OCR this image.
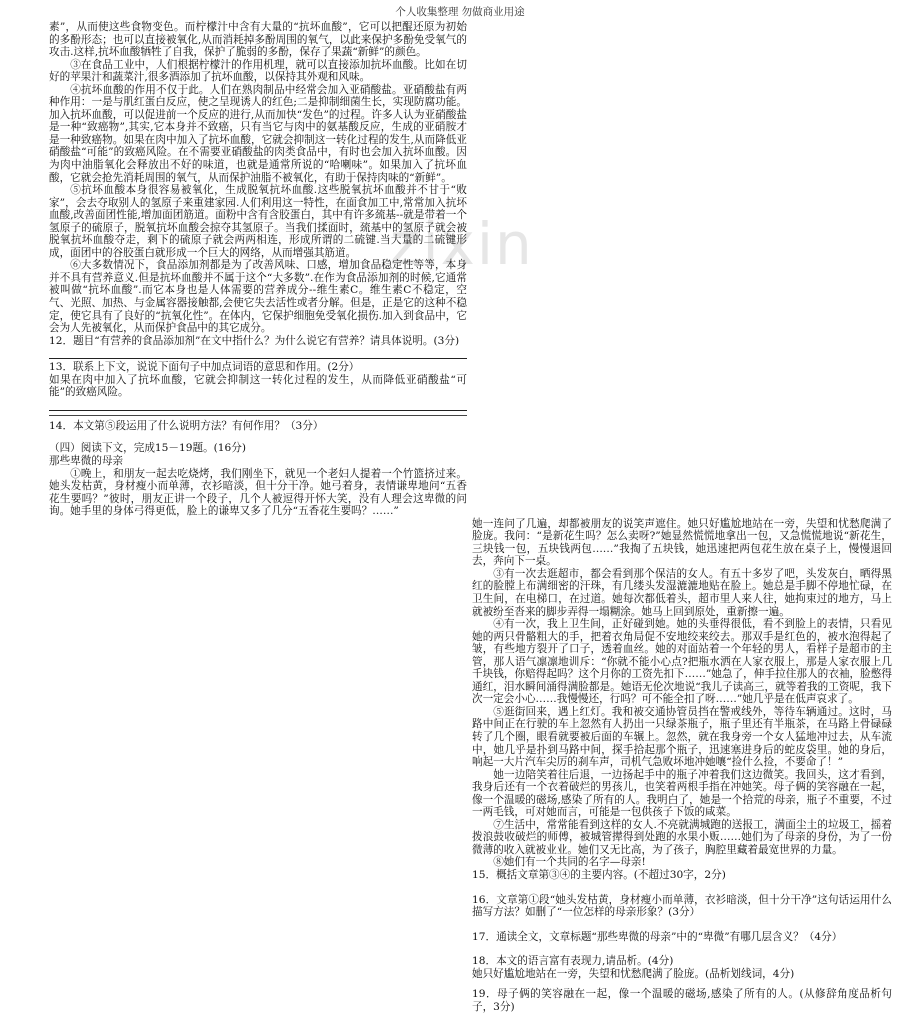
个人收集整理 勿做商业用途
zixin

素”，从而使这些食物变色。而柠檬汁中含有大量的“抗坏血酸”，它可以把醌还原为初始的多酚形态；也可以直接被氧化,从而消耗掉多酚周围的氧气，以此来保护多酚免受氧气的攻击.这样,抗坏血酸牺牲了自我，保护了脆弱的多酚，保存了果蔬“新鲜”的颜色。

③在食品工业中，人们根据柠檬汁的作用机理，就可以直接添加抗坏血酸。比如在切好的苹果汁和蔬菜汁,很多酒添加了抗坏血酸，以保持其外观和风味。

④抗坏血酸的作用不仅于此。人们在熟肉制品中经常会加入亚硝酸盐。亚硝酸盐有两种作用：一是与肌红蛋白反应，使之呈现诱人的红色;二是抑制细菌生长，实现防腐功能。加入抗坏血酸，可以促进前一个反应的进行,从而加快“发色”的过程。许多人认为亚硝酸盐是一种“致癌物”,其实,它本身并不致癌，只有当它与肉中的氨基酸反应，生成的亚硝胺才是一种致癌物。如果在肉中加入了抗坏血酸，它就会抑制这一转化过程的发生,从而降低亚硝酸盐“可能”的致癌风险。在不需要亚硝酸盐的肉类食品中，有时也会加入抗坏血酸。因为肉中油脂氧化会释放出不好的味道，也就是通常所说的“哈喇味”。如果加入了抗坏血酸，它就会抢先消耗周围的氧气，从而保护油脂不被氧化，有助于保持肉味的“新鲜”。

⑤抗坏血酸本身很容易被氧化，生成脱氧抗坏血酸.这些脱氧抗坏血酸并不甘于“败家”，会去夺取别人的氢原子来重建家园.人们利用这一特性，在面食加工中,常常加入抗坏血酸,改善面团性能,增加面团筋道。面粉中含有含胶蛋白，其中有许多巯基--就是带着一个氢原子的硫原子，脱氧抗坏血酸会掠夺其氢原子。当我们揉面时，巯基中的氢原子就会被脱氧抗坏血酸夺走，剩下的硫原子就会两两相连，形成所谓的二硫键.当大量的二硫键形成，面团中的谷胶蛋白就形成一个巨大的网络，从而增强其筋道。

⑥大多数情况下，食品添加剂都是为了改善风味、口感，增加食品稳定性等等，本身并不具有营养意义.但是抗坏血酸并不属于这个“大多数”.在作为食品添加剂的时候,它通常被叫做“抗坏血酸”.而它本身也是人体需要的营养成分--维生素C。维生素C不稳定，空气、光照、加热、与金属容器接触都,会使它失去活性或者分解。但是，正是它的这种不稳定，使它具有了良好的“抗氧化性”。在体内，它保护细胞免受氧化损伤.加入到食品中，它会为人先被氧化，从而保护食品中的其它成分。

12．题目“有营养的食品添加剂”在文中指什么？为什么说它有营养？请具体说明。(3分)

13．联系上下文，说说下面句子中加点词语的意思和作用。(2分）

如果在肉中加入了抗坏血酸，它就会抑制这一转化过程的发生，从而降低亚硝酸盐“可能”的致癌风险。

14．本文第⑤段运用了什么说明方法？有何作用？（3分）

（四）阅读下文，完成15－19题。(16分)

那些卑微的母亲

①晚上，和朋友一起去吃烧烤，我们刚坐下，就见一个老妇人提着一个竹篮挤过来。她头发枯黄，身材瘦小而单薄，衣衫暗淡，但十分干净。她弓着身，表情谦卑地问“五香花生要吗？”彼时，朋友正讲一个段子，几个人被逗得开怀大笑，没有人理会这卑微的问询。她手里的身体弓得更低，脸上的谦卑又多了几分“五香花生要吗？……”

她一连问了几遍，却都被朋友的说笑声遮住。她只好尴尬地站在一旁，失望和忧愁爬满了脸庞。我问：“是新花生吗？怎么卖呀?”她显然慌慌地拿出一包，又急慌慌地说“新花生，三块钱一包，五块钱两包……”我掏了五块钱，她迅速把两包花生放在桌子上，慢慢退回去，奔向下一桌。

③有一次去逛超市，都会看到那个保洁的女人。有五十多岁了吧，头发灰白，晒得黑红的脸膛上布满细密的汗珠，有几缕头发湿漉漉地贴在脸上。她总是手脚不停地忙碌，在卫生间，在电梯口，在过道。她每次都低着头，超市里人来人往，她拘束过的地方，马上就被纷至沓来的脚步弄得一塌糊涂。她马上回到原处，重新擦一遍。

④有一次，我上卫生间，正好碰到她。她的头垂得很低，看不到脸上的表情，只看见她的两只骨骼粗大的手，把着衣角局促不安地绞来绞去。那双手是红色的，被水泡得起了皱，有些地方裂开了口子，透着血丝。她的对面站着一个年轻的男人，看样子是超市的主管，那人语气凛凛地训斥：“你就不能小心点?把瓶水洒在人家衣服上，那是人家衣服上几千块钱，你赔得起吗？这个月你的工资先扣下……”她急了，伸手拉住那人的衣袖，脸憋得通红，泪水瞬间涌得满脸都是。她语无伦次地说“我儿子读高三，就等着我的工资呢，我下次一定会小心……我慢慢还，行吗？可不能全扣了呀……”她几乎是在低声哀求了。

⑤逛街回来，遇上红灯。我和被交通协管员挡在警戒线外，等待车辆通过。这时，马路中间正在行驶的车上忽然有人扔出一只绿茶瓶子，瓶子里还有半瓶茶，在马路上骨碌碌转了几个圈，眼看就要被后面的车辗上。忽然，就在我身旁一个女人猛地冲过去，从车流中，她几乎是扑到马路中间，探手拾起那个瓶子，迅速塞进身后的蛇皮袋里。她的身后，响起一大片汽车尖厉的刹车声，司机气急败坏地冲她嚷“捡什么捡，不要命了！”

她一边陪笑着往后退，一边扬起手中的瓶子冲着我们这边微笑。我回头，这才看到，我身后还有一个衣着破烂的男孩儿，也笑着两根手指在冲她笑。母子俩的笑容融在一起，像一个温暖的磁场,感染了所有的人。我明白了，她是一个拾荒的母亲，瓶子不重要，不过一两毛钱，可对她而言，可能是一包供孩子下饭的咸菜。

⑦生活中，常常能看到这样的女人.不亮就满城跑的送报工，满面尘土的垃圾工，摇着拨浪鼓收破烂的师傅，被城管撵得到处跑的水果小贩……她们为了母亲的身份，为了一份微薄的收入就被业业。她们又无比高，为了孩子，胸腔里藏着最宽世界的力量。

⑧她们有一个共同的名字—母亲!

15．概括文章第③④的主要内容。(不超过30字，2分)

16．文章第①段“她头发枯黄，身材瘦小而单薄，衣衫暗淡，但十分干净”这句话运用什么描写方法？如删了“一位怎样的母亲形象？(3分）

17．通读全文，文章标题“那些卑微的母亲”中的“卑微”有哪几层含义？（4分）

18．本文的语言富有表现力,请品析。(4分)

她只好尴尬地站在一旁，失望和忧愁爬满了脸庞。(品析划线词，4分)

19．母子俩的笑容融在一起，像一个温暖的磁场,感染了所有的人。(从修辞角度品析句子，3分)
